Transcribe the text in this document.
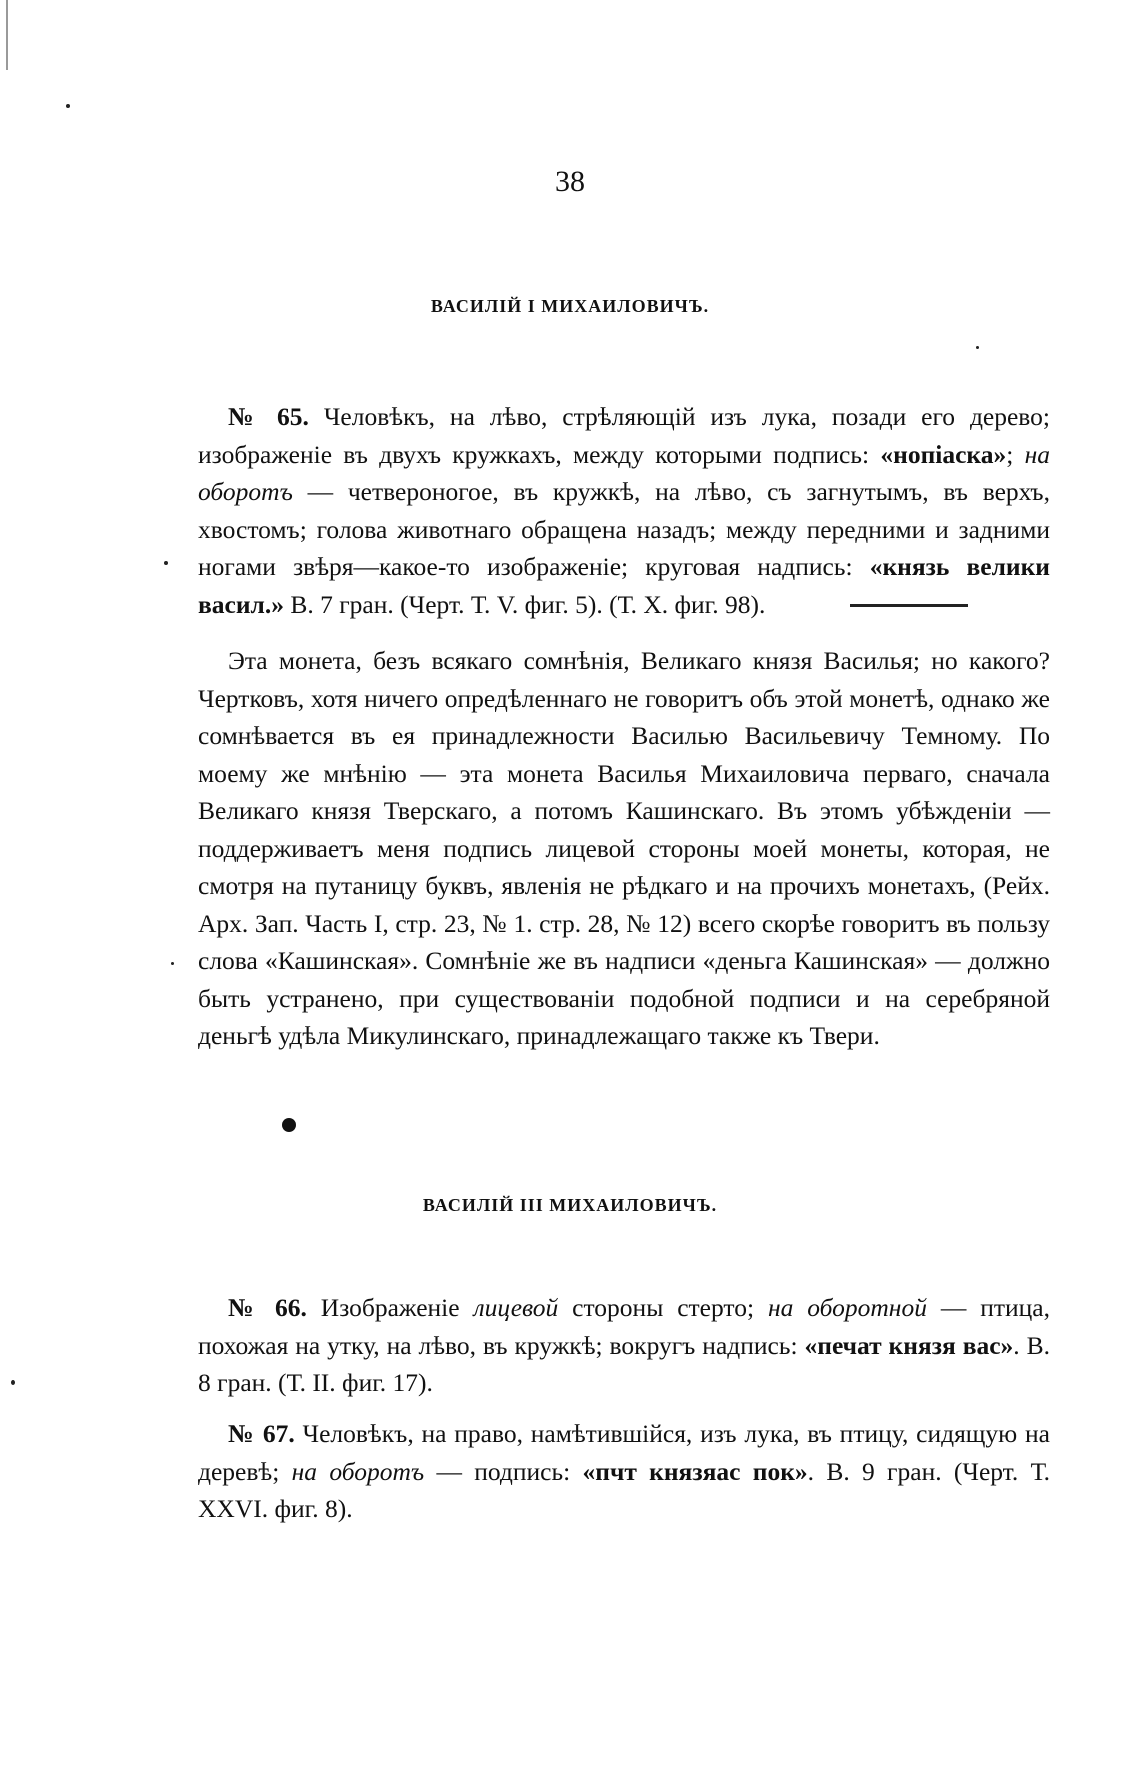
38
ВАСИЛІЙ I МИХАИЛОВИЧЪ.

№ 65. Человѣкъ, на лѣво, стрѣляющій изъ лука, позади его дерево; изображеніе въ двухъ кружкахъ, между которыми подпись: «нопіаска»; на оборотъ — четвероногое, въ кружкѣ, на лѣво, съ загнутымъ, въ верхъ, хвостомъ; голова животнаго обращена назадъ; между передними и задними ногами звѣря—какое-то изображеніе; круговая надпись: «князь велики васил.» В. 7 гран. (Черт. Т. V. фиг. 5). (Т. X. фиг. 98).

Эта монета, безъ всякаго сомнѣнія, Великаго князя Василья; но какого? Чертковъ, хотя ничего опредѣленнаго не говоритъ объ этой монетѣ, однако же сомнѣвается въ ея принадлежности Василью Васильевичу Темному. По моему же мнѣнію — эта монета Василья Михаиловича перваго, сначала Великаго князя Тверскаго, а потомъ Кашинскаго. Въ этомъ убѣжденіи — поддерживаетъ меня подпись лицевой стороны моей монеты, которая, не смотря на путаницу буквъ, явленія не рѣдкаго и на прочихъ монетахъ, (Рейх. Арх. Зап. Часть I, стр. 23, № 1. стр. 28, № 12) всего скорѣе говоритъ въ пользу слова «Кашинская». Сомнѣніе же въ надписи «деньга Кашинская» — должно быть устранено, при существованіи подобной подписи и на серебряной деньгѣ удѣла Микулинскаго, принадлежащаго также къ Твери.

ВАСИЛІЙ III МИХАИЛОВИЧЪ.

№ 66. Изображеніе лицевой стороны стерто; на оборотной — птица, похожая на утку, на лѣво, въ кружкѣ; вокругъ надпись: «печат князя вас». В. 8 гран. (Т. II. фиг. 17).

№ 67. Человѣкъ, на право, намѣтившійся, изъ лука, въ птицу, сидящую на деревѣ; на оборотъ — подпись: «пчт князяас пок». В. 9 гран. (Черт. Т. XXVI. фиг. 8).
